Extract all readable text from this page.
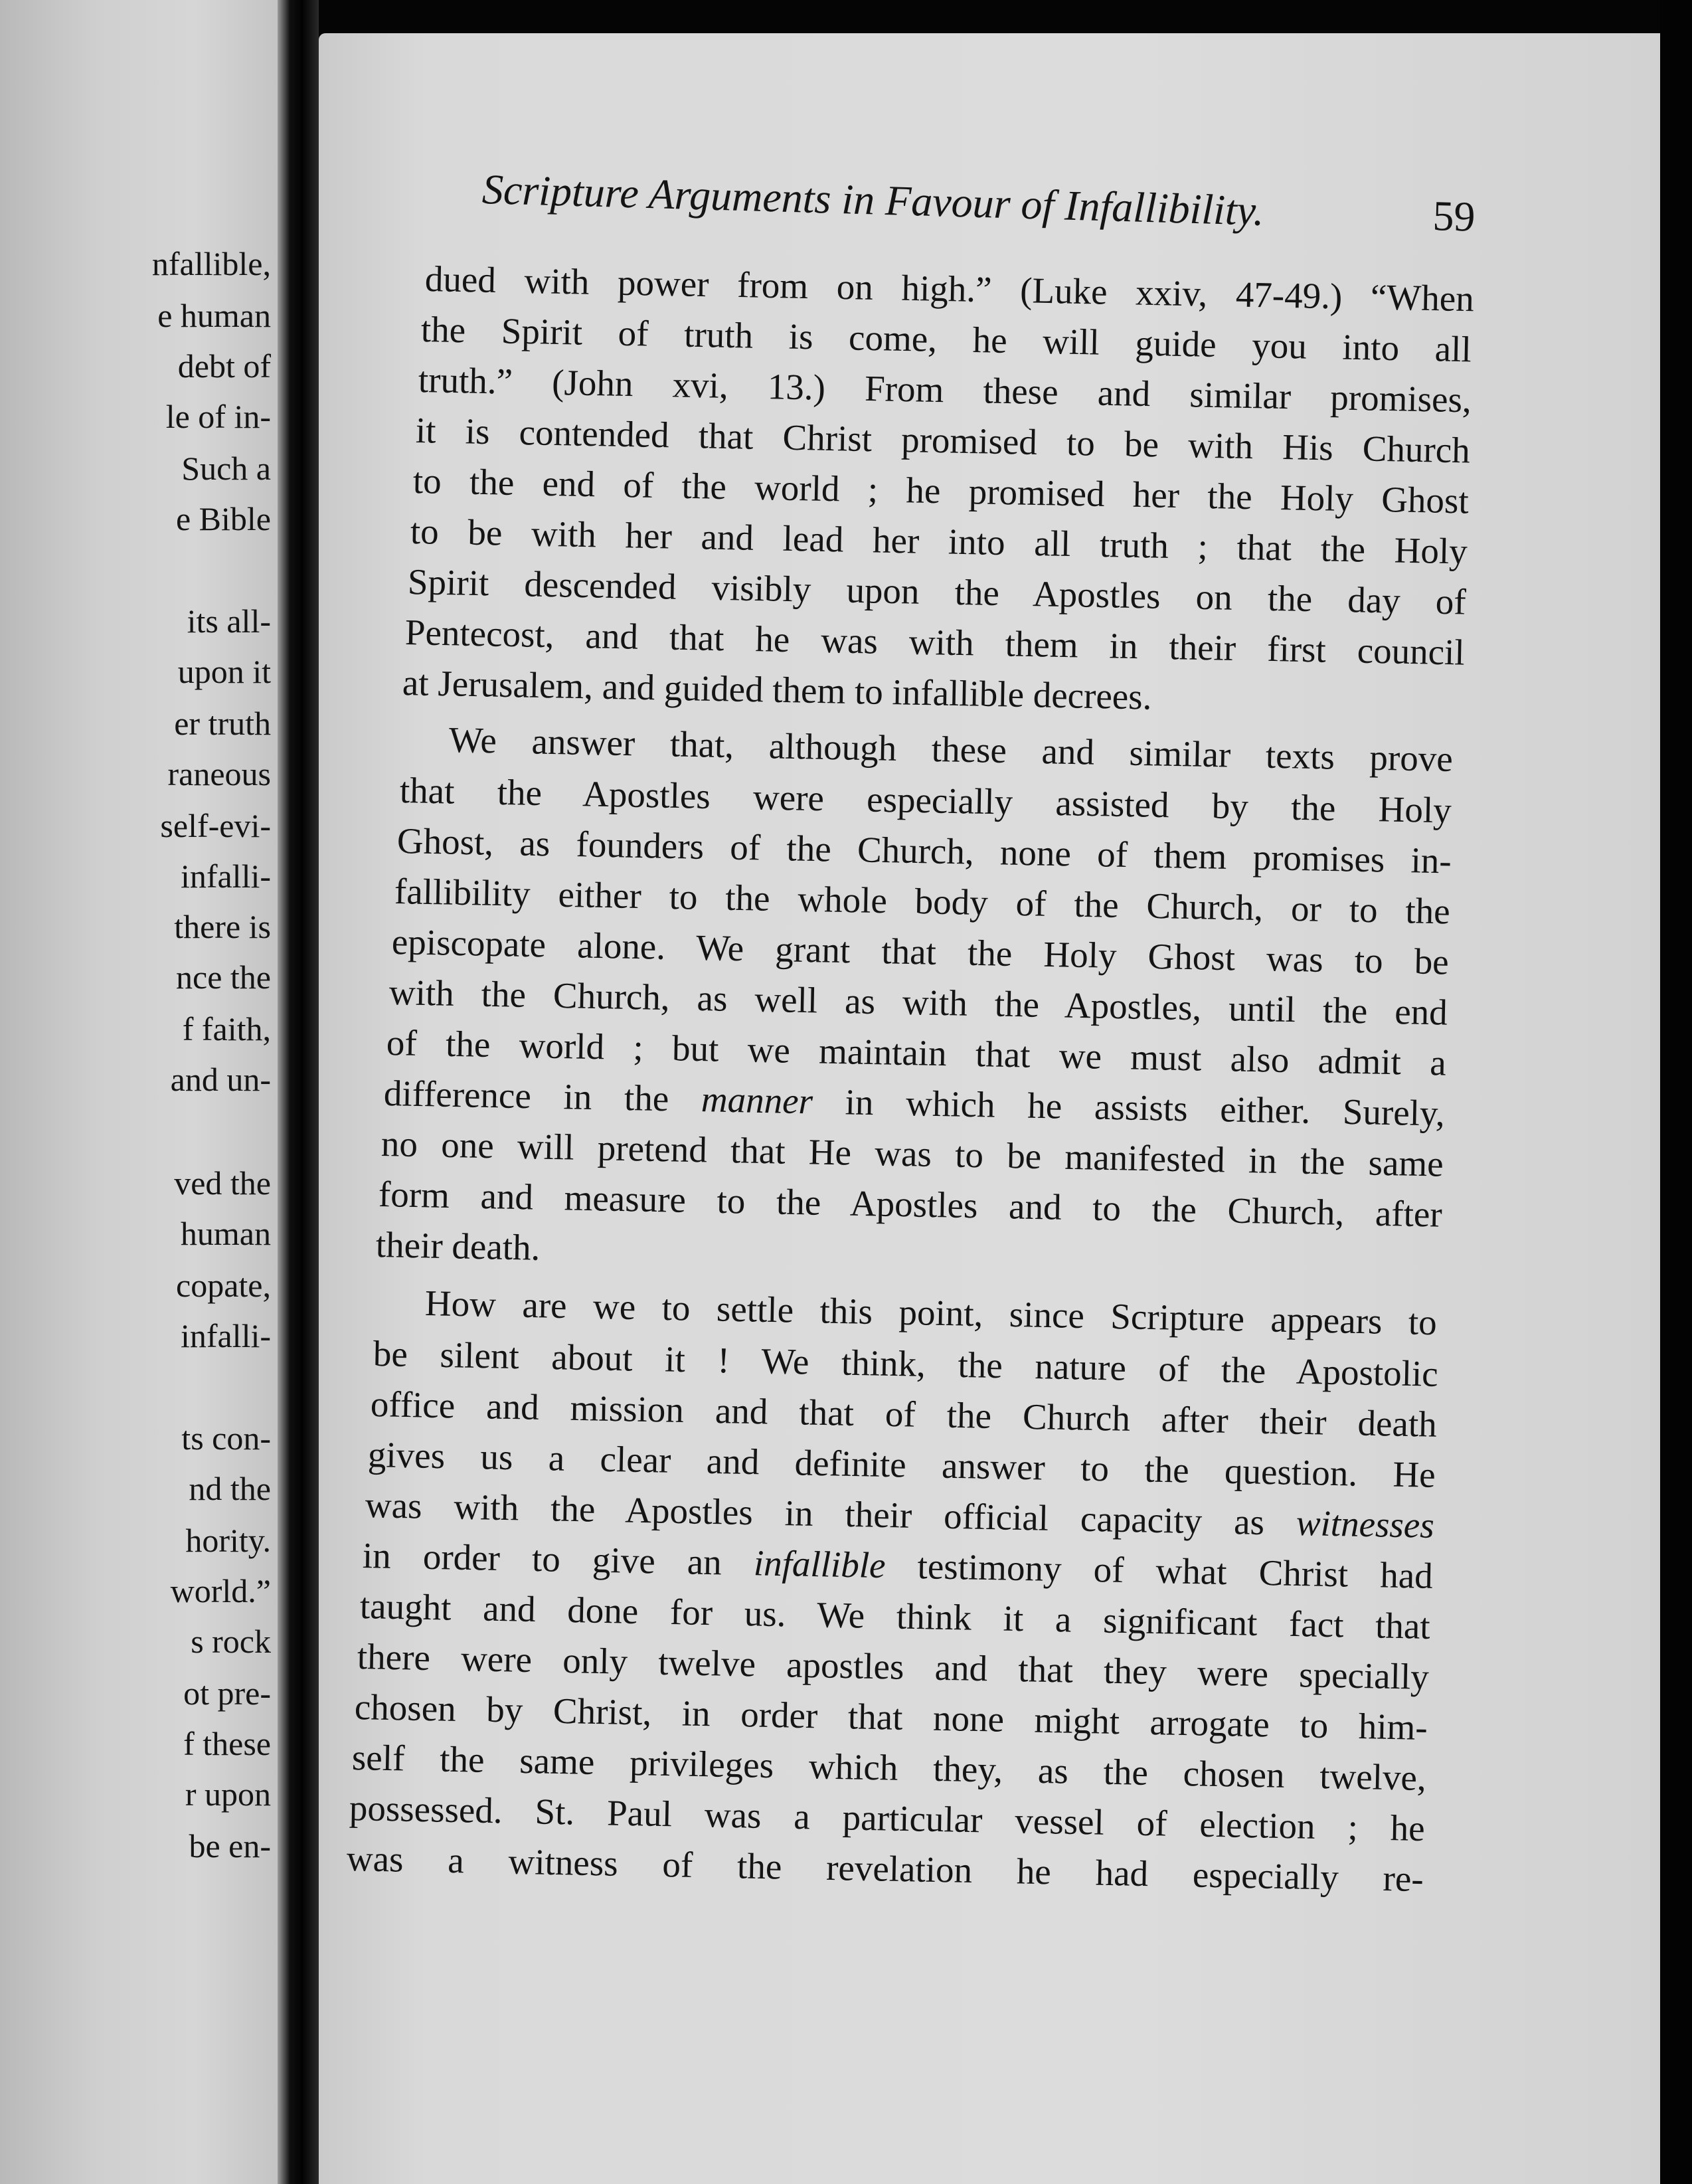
nfallible,
e human
debt of
le of in-
Such a
e Bible
its all-
upon it
er truth
raneous
self-evi-
infalli-
there is
nce the
f faith,
and un-
ved the
human
copate,
infalli-
ts con-
nd the
hority.
world.”
s rock
ot pre-
f these
r upon
be en-
Scripture Arguments in Favour of Infallibility.	59
dued with power from on high.” (Luke xxiv, 47-49.) “When
the Spirit of truth is come, he will guide you into all
truth.” (John xvi, 13.) From these and similar promises,
it is contended that Christ promised to be with His Church
to the end of the world ; he promised her the Holy Ghost
to be with her and lead her into all truth ; that the Holy
Spirit descended visibly upon the Apostles on the day of
Pentecost, and that he was with them in their first council
at Jerusalem, and guided them to infallible decrees.
We answer that, although these and similar texts prove
that the Apostles were especially assisted by the Holy
Ghost, as founders of the Church, none of them promises in-
fallibility either to the whole body of the Church, or to the
episcopate alone. We grant that the Holy Ghost was to be
with the Church, as well as with the Apostles, until the end
of the world ; but we maintain that we must also admit a
difference in the manner in which he assists either. Surely,
no one will pretend that He was to be manifested in the same
form and measure to the Apostles and to the Church, after
their death.
How are we to settle this point, since Scripture appears to
be silent about it ! We think, the nature of the Apostolic
office and mission and that of the Church after their death
gives us a clear and definite answer to the question. He
was with the Apostles in their official capacity as witnesses
in order to give an infallible testimony of what Christ had
taught and done for us. We think it a significant fact that
there were only twelve apostles and that they were specially
chosen by Christ, in order that none might arrogate to him-
self the same privileges which they, as the chosen twelve,
possessed. St. Paul was a particular vessel of election ; he
was a witness of the revelation he had especially re-
